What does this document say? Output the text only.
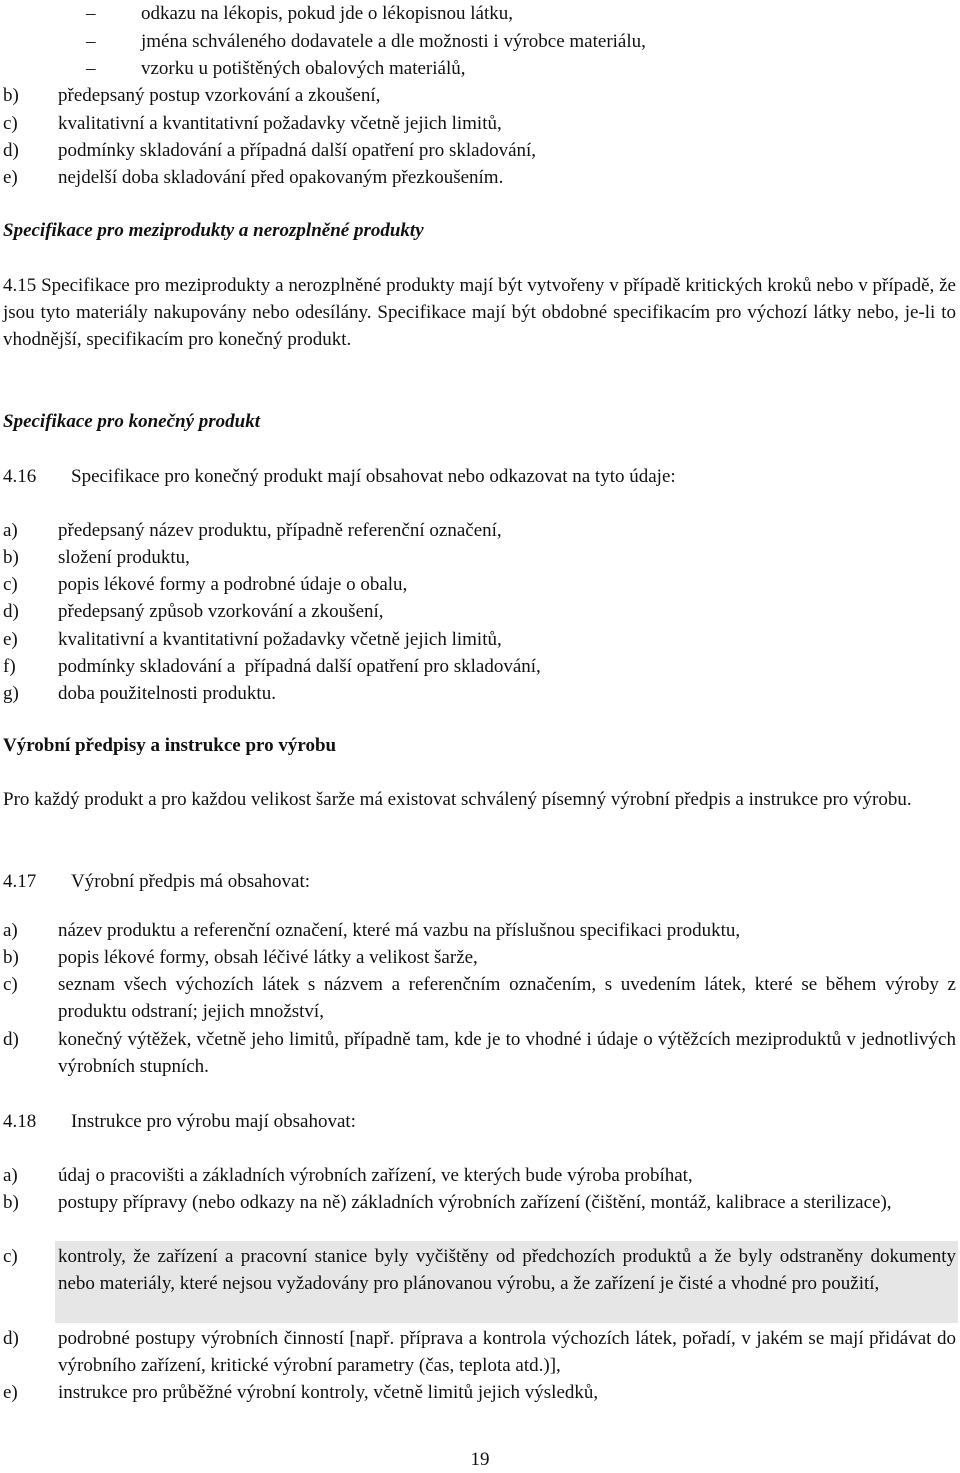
– odkazu na lékopis, pokud jde o lékopisnou látku,
– jména schváleného dodavatele a dle možnosti i výrobce materiálu,
– vzorku u potištěných obalových materiálů,
b) předepsaný postup vzorkování a zkoušení,
c) kvalitativní a kvantitativní požadavky včetně jejich limitů,
d) podmínky skladování a případná další opatření pro skladování,
e) nejdelší doba skladování před opakovaným přezkoušením.
Specifikace pro meziprodukty a nerozplněné produkty
4.15 Specifikace pro meziprodukty a nerozplněné produkty mají být vytvořeny v případě kritických kroků nebo v případě, že jsou tyto materiály nakupovány nebo odesílány. Specifikace mají být obdobné specifikacím pro výchozí látky nebo, je-li to vhodnější, specifikacím pro konečný produkt.
Specifikace pro konečný produkt
4.16 Specifikace pro konečný produkt mají obsahovat nebo odkazovat na tyto údaje:
a) předepsaný název produktu, případně referenční označení,
b) složení produktu,
c) popis lékové formy a podrobné údaje o obalu,
d) předepsaný způsob vzorkování a zkoušení,
e) kvalitativní a kvantitativní požadavky včetně jejich limitů,
f) podmínky skladování a  případná další opatření pro skladování,
g) doba použitelnosti produktu.
Výrobní předpisy a instrukce pro výrobu
Pro každý produkt a pro každou velikost šarže má existovat schválený písemný výrobní předpis a instrukce pro výrobu.
4.17 Výrobní předpis má obsahovat:
a) název produktu a referenční označení, které má vazbu na příslušnou specifikaci produktu,
b) popis lékové formy, obsah léčivé látky a velikost šarže,
c) seznam všech výchozích látek s názvem a referenčním označením, s uvedením látek, které se během výroby z produktu odstraní; jejich množství,
d) konečný výtěžek, včetně jeho limitů, případně tam, kde je to vhodné i údaje o výtěžcích meziproduktů v jednotlivých výrobních stupních.
4.18 Instrukce pro výrobu mají obsahovat:
a) údaj o pracovišti a základních výrobních zařízení, ve kterých bude výroba probíhat,
b) postupy přípravy (nebo odkazy na ně) základních výrobních zařízení (čištění, montáž, kalibrace a sterilizace),
c) kontroly, že zařízení a pracovní stanice byly vyčištěny od předchozích produktů a že byly odstraněny dokumenty nebo materiály, které nejsou vyžadovány pro plánovanou výrobu, a že zařízení je čisté a vhodné pro použití,
d) podrobné postupy výrobních činností [např. příprava a kontrola výchozích látek, pořadí, v jakém se mají přidávat do výrobního zařízení, kritické výrobní parametry (čas, teplota atd.)],
e) instrukce pro průběžné výrobní kontroly, včetně limitů jejich výsledků,
19
